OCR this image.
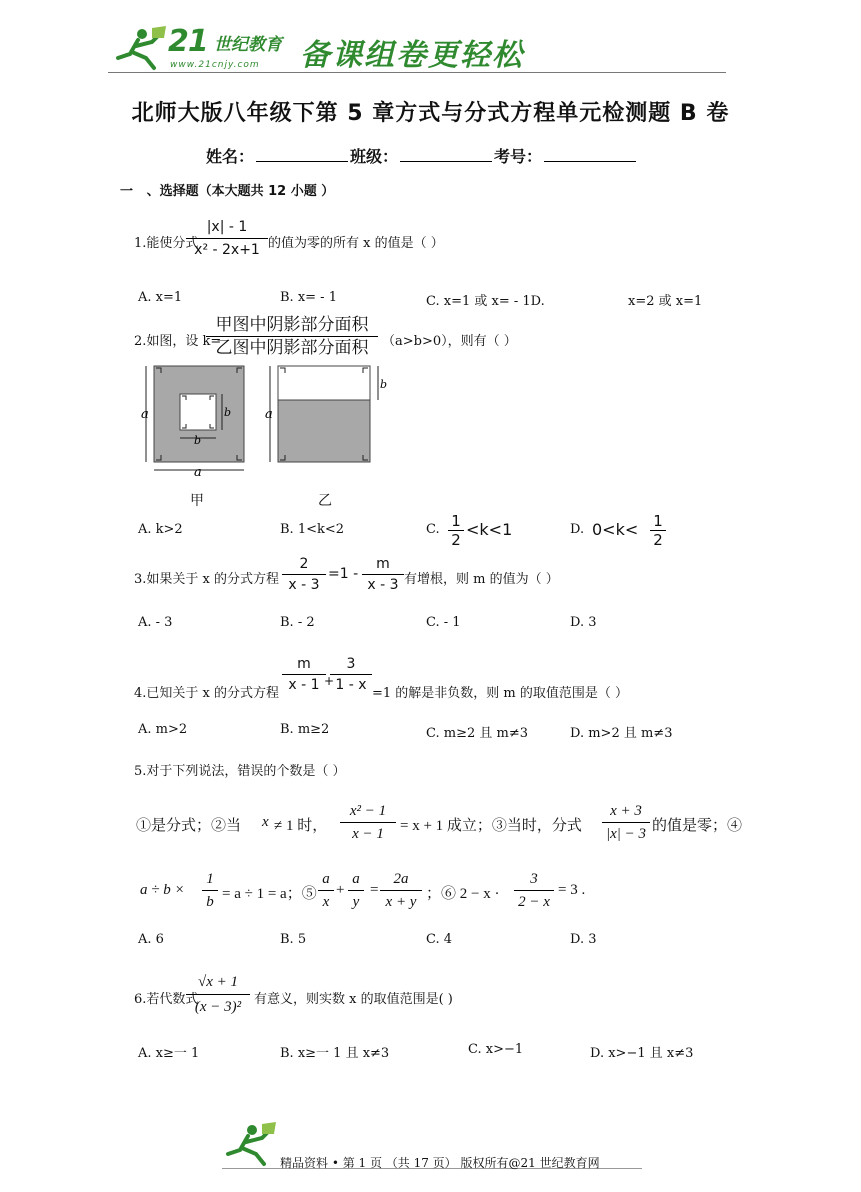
21 世纪教育
www.21cnjy.com 备课组卷更轻松
北师大版八年级下第 5 章方式与分式方程单元检测题 B 卷
姓名：	班级：	考号：
一   、选择题（本大题共 12 小题 ）
1.能使分式
$\frac{|x| - 1}{\text{x² - 2x+1}}$ 的值为零的所有 x 的值是（ ）
A. x=1	B. x= - 1	C. x=1 或 x= - 1D.	x=2 或 x=1
2.如图，设 k=
甲图中阴影部分面积
乙图中阴影部分面积	（a>b>0），则有（ ）
a	b
b
a
a
b
甲	乙
A. k>2	B. 1<k<2	C. $\frac{1}{2} <k<1$	D. $0<k< \frac{1}{2}$
3.如果关于 x 的分式方程 $\frac{2}{x - 3} =1 - \frac{m}{x - 3}$ 有增根，则 m 的值为（ ）
A. - 3	B. - 2	C. - 1	D. 3
4.已知关于 x 的分式方程 $\frac{m}{x - 1}$
+
$\frac{3}{1 - x} =1$ 的解是非负数，则 m 的取值范围是（ ）
A. m>2	B. m≥2	C. m≥2 且 m≠3	D. m>2 且 m≠3
5.对于下列说法，错误的个数是（ ）
①是分式；②当 x ≠ 1 时， $\frac{\text{x² − 1}}{x - 1} = x + 1$ 成立；③当时，分式 $\frac{x + 3}{|x| - 3}$ 的值是零；④
$a \div b \times \frac{1}{b} = a \div 1 = a$；⑤ $\frac{a}{x} + \frac{a}{y} = \frac{2a}{x + y}$ ；⑥ $2 - x \cdot \frac{3}{2 - x} = 3$ .
A. 6	B. 5	C. 4	D. 3
6.若代数式
$\frac{√x + 1}{\text{(x − 3)²}}$ 有意义，则实数 x 的取值范围是( )
A. x≥一 1	B. x≥一 1 且 x≠3	C. x>−1	D. x>−1 且 x≠3
精品资料 • 第 1 页 （共 17 页） 版权所有@21 世纪教育网
